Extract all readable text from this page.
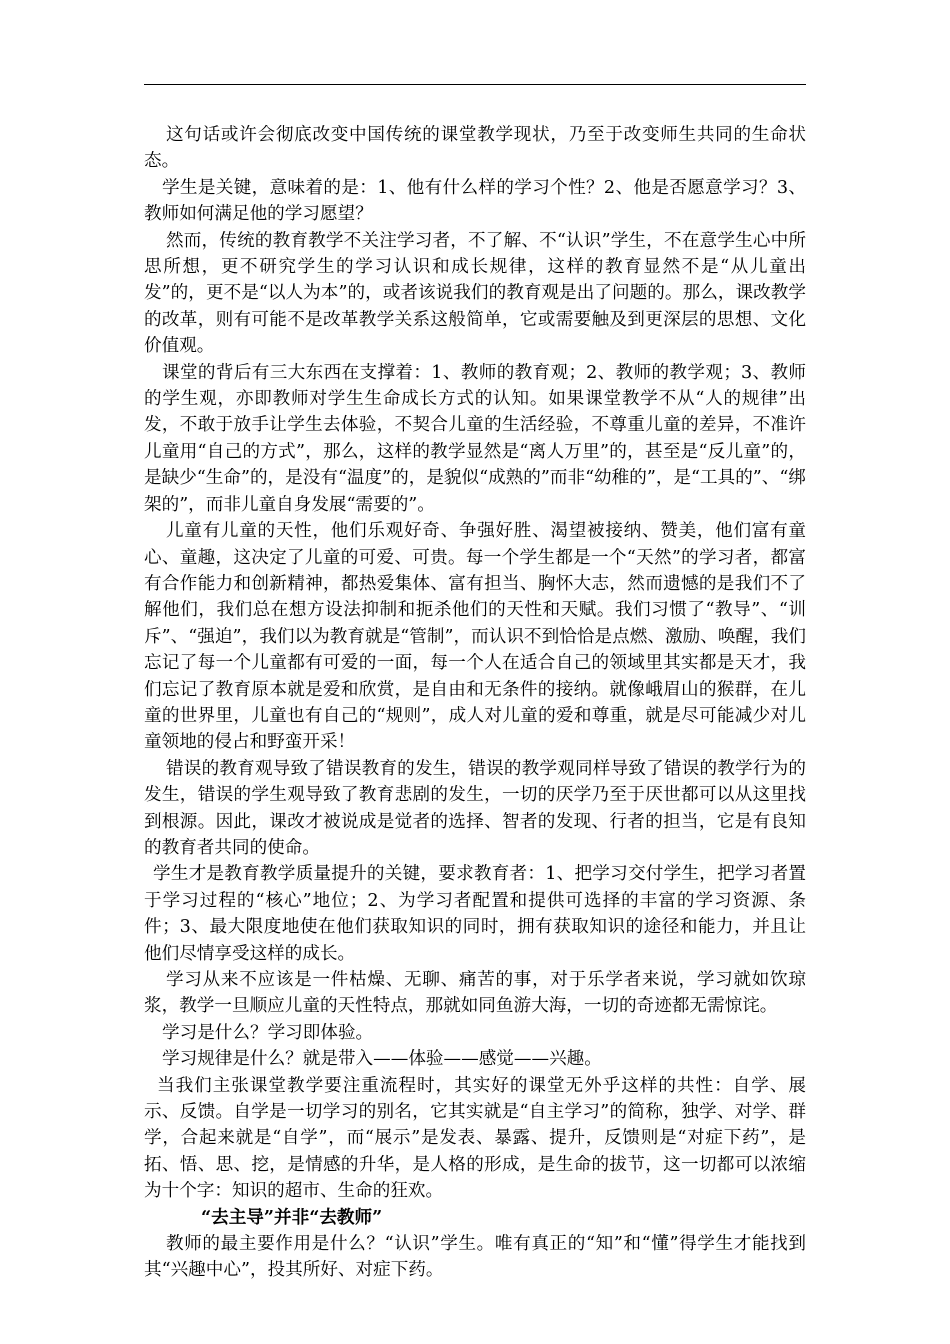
这句话或许会彻底改变中国传统的课堂教学现状，乃至于改变师生共同的生命状态。

学生是关键，意味着的是：1、他有什么样的学习个性？2、他是否愿意学习？3、教师如何满足他的学习愿望？

然而，传统的教育教学不关注学习者，不了解、不“认识”学生，不在意学生心中所思所想，更不研究学生的学习认识和成长规律，这样的教育显然不是“从儿童出发”的，更不是“以人为本”的，或者该说我们的教育观是出了问题的。那么，课改教学的改革，则有可能不是改革教学关系这般简单，它或需要触及到更深层的思想、文化价值观。

课堂的背后有三大东西在支撑着：1、教师的教育观；2、教师的教学观；3、教师的学生观，亦即教师对学生生命成长方式的认知。如果课堂教学不从“人的规律”出发，不敢于放手让学生去体验，不契合儿童的生活经验，不尊重儿童的差异，不准许儿童用“自己的方式”，那么，这样的教学显然是“离人万里”的，甚至是“反儿童”的，是缺少“生命”的，是没有“温度”的，是貌似“成熟的”而非“幼稚的”，是“工具的”、“绑架的”，而非儿童自身发展“需要的”。

儿童有儿童的天性，他们乐观好奇、争强好胜、渴望被接纳、赞美，他们富有童心、童趣，这决定了儿童的可爱、可贵。每一个学生都是一个“天然”的学习者，都富有合作能力和创新精神，都热爱集体、富有担当、胸怀大志，然而遗憾的是我们不了解他们，我们总在想方设法抑制和扼杀他们的天性和天赋。我们习惯了“教导”、“训斥”、“强迫”，我们以为教育就是“管制”，而认识不到恰恰是点燃、激励、唤醒，我们忘记了每一个儿童都有可爱的一面，每一个人在适合自己的领域里其实都是天才，我们忘记了教育原本就是爱和欣赏，是自由和无条件的接纳。就像峨眉山的猴群，在儿童的世界里，儿童也有自己的“规则”，成人对儿童的爱和尊重，就是尽可能减少对儿童领地的侵占和野蛮开采！

错误的教育观导致了错误教育的发生，错误的教学观同样导致了错误的教学行为的发生，错误的学生观导致了教育悲剧的发生，一切的厌学乃至于厌世都可以从这里找到根源。因此，课改才被说成是觉者的选择、智者的发现、行者的担当，它是有良知的教育者共同的使命。

学生才是教育教学质量提升的关键，要求教育者：1、把学习交付学生，把学习者置于学习过程的“核心”地位；2、为学习者配置和提供可选择的丰富的学习资源、条件；3、最大限度地使在他们获取知识的同时，拥有获取知识的途径和能力，并且让他们尽情享受这样的成长。

学习从来不应该是一件枯燥、无聊、痛苦的事，对于乐学者来说，学习就如饮琼浆，教学一旦顺应儿童的天性特点，那就如同鱼游大海，一切的奇迹都无需惊诧。

学习是什么？学习即体验。

学习规律是什么？就是带入——体验——感觉——兴趣。

当我们主张课堂教学要注重流程时，其实好的课堂无外乎这样的共性：自学、展示、反馈。自学是一切学习的别名，它其实就是“自主学习”的简称，独学、对学、群学，合起来就是“自学”，而“展示”是发表、暴露、提升，反馈则是“对症下药”，是拓、悟、思、挖，是情感的升华，是人格的形成，是生命的拔节，这一切都可以浓缩为十个字：知识的超市、生命的狂欢。

“去主导”并非“去教师”

教师的最主要作用是什么？“认识”学生。唯有真正的“知”和“懂”得学生才能找到其“兴趣中心”，投其所好、对症下药。
